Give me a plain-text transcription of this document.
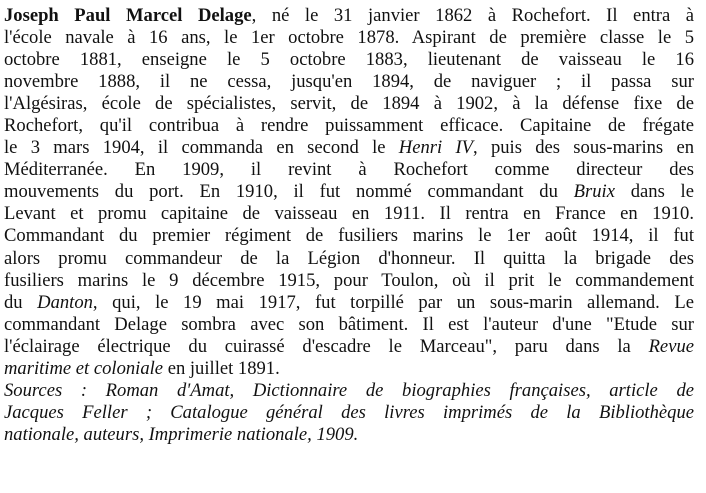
Joseph Paul Marcel Delage, né le 31 janvier 1862 à Rochefort. Il entra à
l'école navale à 16 ans, le 1er octobre 1878. Aspirant de première classe le 5
octobre 1881, enseigne le 5 octobre 1883, lieutenant de vaisseau le 16
novembre 1888, il ne cessa, jusqu'en 1894, de naviguer ; il passa sur
l'Algésiras, école de spécialistes, servit, de 1894 à 1902, à la défense fixe de
Rochefort, qu'il contribua à rendre puissamment efficace. Capitaine de frégate
le 3 mars 1904, il commanda en second le Henri IV, puis des sous-marins en
Méditerranée. En 1909, il revint à Rochefort comme directeur des
mouvements du port. En 1910, il fut nommé commandant du Bruix dans le
Levant et promu capitaine de vaisseau en 1911. Il rentra en France en 1910.
Commandant du premier régiment de fusiliers marins le 1er août 1914, il fut
alors promu commandeur de la Légion d'honneur. Il quitta la brigade des
fusiliers marins le 9 décembre 1915, pour Toulon, où il prit le commandement
du Danton, qui, le 19 mai 1917, fut torpillé par un sous-marin allemand. Le
commandant Delage sombra avec son bâtiment. Il est l'auteur d'une "Etude sur
l'éclairage électrique du cuirassé d'escadre le Marceau", paru dans la Revue
maritime et coloniale en juillet 1891.
Sources : Roman d'Amat, Dictionnaire de biographies françaises, article de
Jacques Feller ; Catalogue général des livres imprimés de la Bibliothèque
nationale, auteurs, Imprimerie nationale, 1909.
